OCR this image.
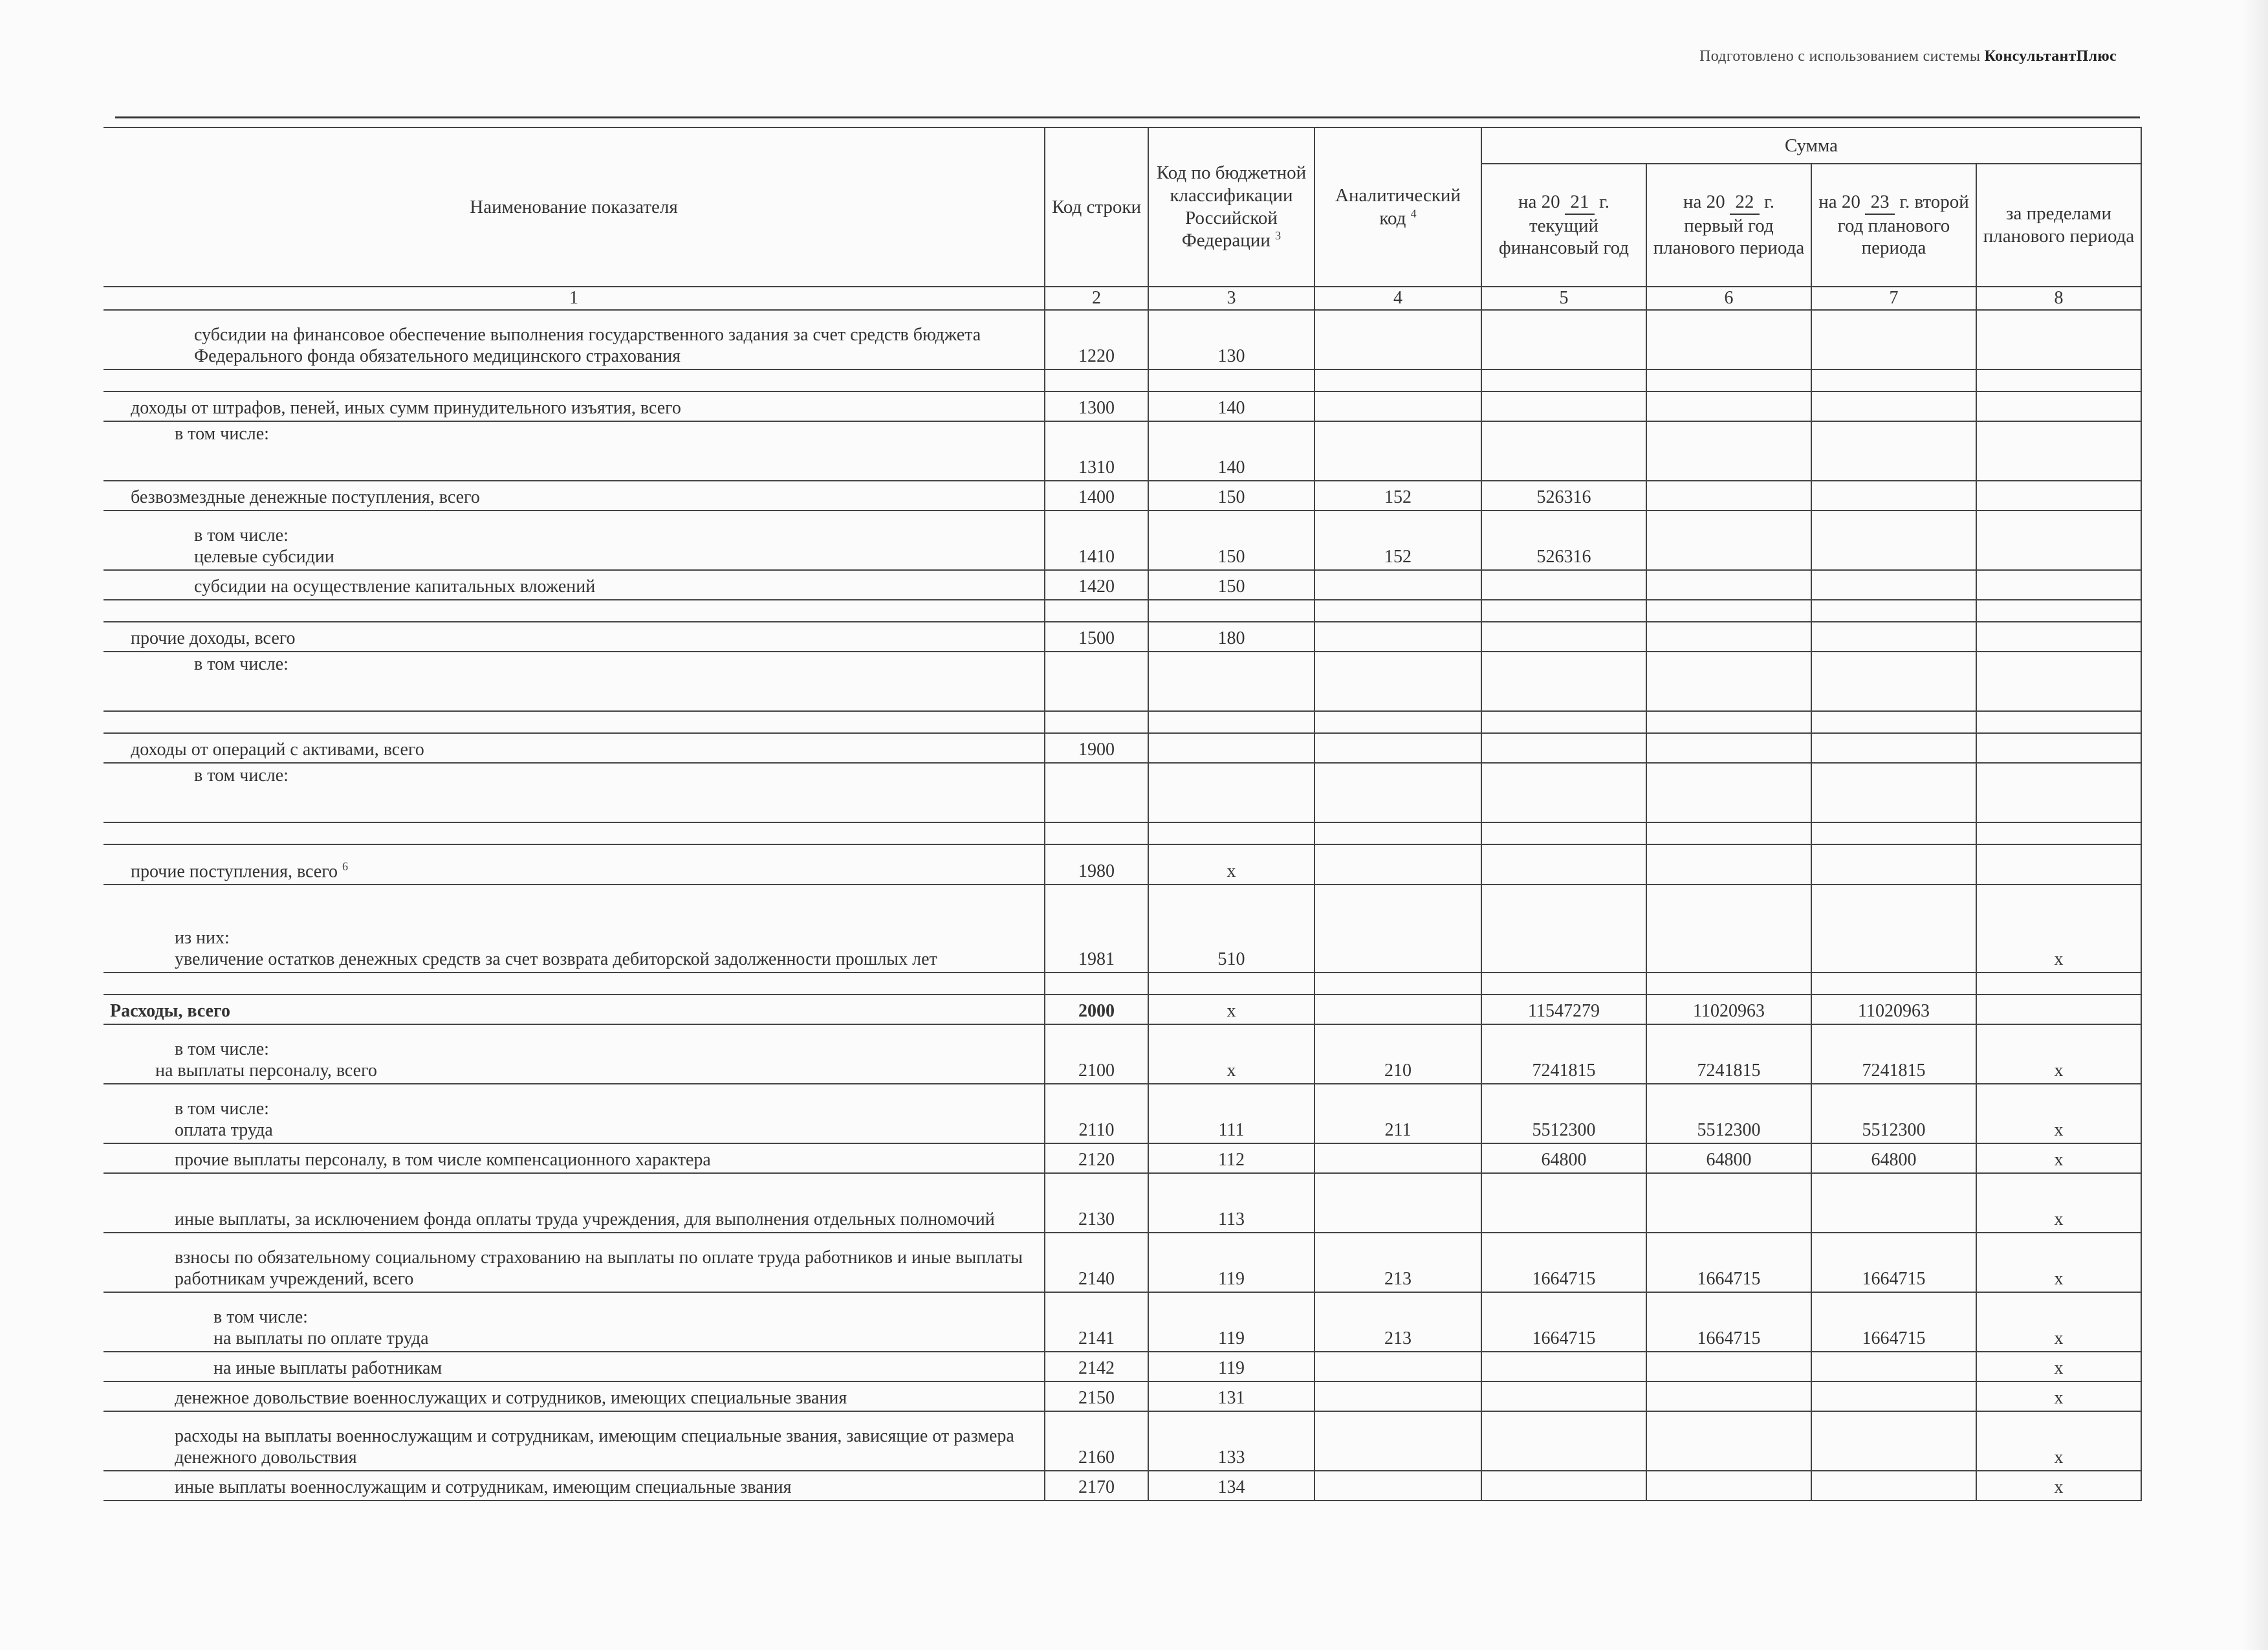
Подготовлено с использованием системы КонсультантПлюс
Наименование показателя	Код строки	Код по бюджетной классификации Российской Федерации $^3$	Аналитический код $^4$	Сумма			
				на 20 21 г. текущий финансовый год	на 20 22 г. первый год планового периода	на 20 23 г. второй год планового периода	за пределами планового периода
1	2	3	4	5	6	7	8
субсидии на финансовое обеспечение выполнения государственного задания за счет средств бюджета Федерального фонда обязательного медицинского страхования	1220	130					

доходы от штрафов, пеней, иных сумм принудительного изъятия, всего	1300	140					
в том числе:	1310	140					
безвозмездные денежные поступления, всего	1400	150	152	526316			

в том числе:
целевые субсидии	1410	150	152	526316			
субсидии на осуществление капитальных вложений	1420	150					

прочие доходы, всего	1500	180					
в том числе:							

доходы от операций с активами, всего	1900						
в том числе:							

прочие поступления, всего $^6$	1980	x					

из них:
увеличение остатков денежных средств за счет возврата дебиторской задолженности прошлых лет	1981	510					x

Расходы, всего	2000	x		11547279	11020963	11020963	

в том числе:
на выплаты персоналу, всего	2100	x	210	7241815	7241815	7241815	x

в том числе:
оплата труда	2110	111	211	5512300	5512300	5512300	x
прочие выплаты персоналу, в том числе компенсационного характера	2120	112		64800	64800	64800	x
иные выплаты, за исключением фонда оплаты труда учреждения, для выполнения отдельных полномочий	2130	113					x
взносы по обязательному социальному страхованию на выплаты по оплате труда работников и иные выплаты работникам учреждений, всего	2140	119	213	1664715	1664715	1664715	x

в том числе:
на выплаты по оплате труда	2141	119	213	1664715	1664715	1664715	x
на иные выплаты работникам	2142	119					x
денежное довольствие военнослужащих и сотрудников, имеющих специальные звания	2150	131					x
расходы на выплаты военнослужащим и сотрудникам, имеющим специальные звания, зависящие от размера денежного довольствия	2160	133					x
иные выплаты военнослужащим и сотрудникам, имеющим специальные звания	2170	134					x
